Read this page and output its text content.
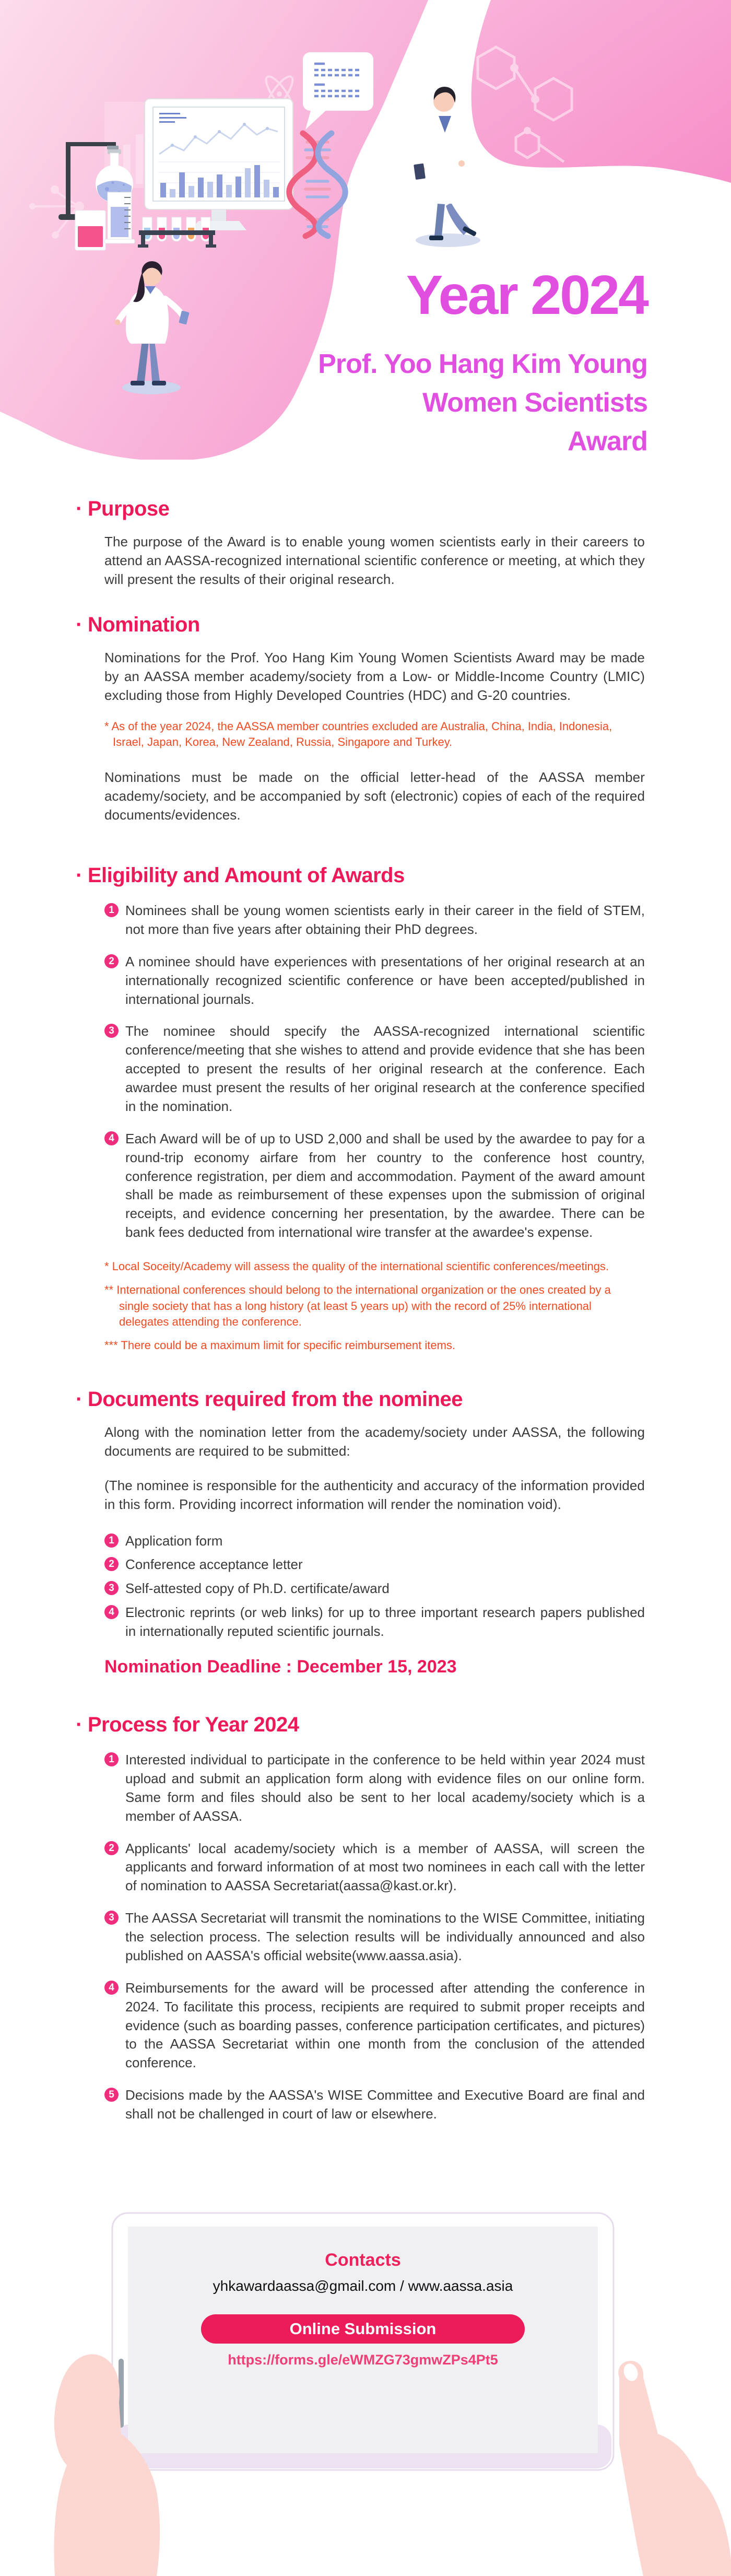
Year 2024
Prof. Yoo Hang Kim Young
Women Scientists
Award
· Purpose
The purpose of the Award is to enable young women scientists early in their careers to attend an AASSA-recognized international scientific conference or meeting, at which they will present the results of their original research.
· Nomination
Nominations for the Prof. Yoo Hang Kim Young Women Scientists Award may be made by an AASSA member academy/society from a Low- or Middle-Income Country (LMIC) excluding those from Highly Developed Countries (HDC) and G-20 countries.
* As of the year 2024, the AASSA member countries excluded are Australia, China, India, Indonesia, Israel, Japan, Korea, New Zealand, Russia, Singapore and Turkey.
Nominations must be made on the official letter-head of the AASSA member academy/society, and be accompanied by soft (electronic) copies of each of the required documents/evidences.
· Eligibility and Amount of Awards
1 Nominees shall be young women scientists early in their career in the field of STEM, not more than five years after obtaining their PhD degrees.
2 A nominee should have experiences with presentations of her original research at an internationally recognized scientific conference or have been accepted/published in international journals.
3 The nominee should specify the AASSA-recognized international scientific conference/meeting that she wishes to attend and provide evidence that she has been accepted to present the results of her original research at the conference. Each awardee must present the results of her original research at the conference specified in the nomination.
4 Each Award will be of up to USD 2,000 and shall be used by the awardee to pay for a round-trip economy airfare from her country to the conference host country, conference registration, per diem and accommodation. Payment of the award amount shall be made as reimbursement of these expenses upon the submission of original receipts, and evidence concerning her presentation, by the awardee. There can be bank fees deducted from international wire transfer at the awardee's expense.
* Local Soceity/Academy will assess the quality of the international scientific conferences/meetings.
** International conferences should belong to the international organization or the ones created by a single society that has a long history (at least 5 years up) with the record of 25% international delegates attending the conference.
*** There could be a maximum limit for specific reimbursement items.
· Documents required from the nominee
Along with the nomination letter from the academy/society under AASSA, the following documents are required to be submitted:
(The nominee is responsible for the authenticity and accuracy of the information provided in this form. Providing incorrect information will render the nomination void).
1 Application form
2 Conference acceptance letter
3 Self-attested copy of Ph.D. certificate/award
4 Electronic reprints (or web links) for up to three important research papers published in internationally reputed scientific journals.
Nomination Deadline : December 15, 2023
· Process for Year 2024
1 Interested individual to participate in the conference to be held within year 2024 must upload and submit an application form along with evidence files on our online form. Same form and files should also be sent to her local academy/society which is a member of AASSA.
2 Applicants' local academy/society which is a member of AASSA, will screen the applicants and forward information of at most two nominees in each call with the letter of nomination to AASSA Secretariat(aassa@kast.or.kr).
3 The AASSA Secretariat will transmit the nominations to the WISE Committee, initiating the selection process. The selection results will be individually announced and also published on AASSA's official website(www.aassa.asia).
4 Reimbursements for the award will be processed after attending the conference in 2024. To facilitate this process, recipients are required to submit proper receipts and evidence (such as boarding passes, conference participation certificates, and pictures) to the AASSA Secretariat within one month from the conclusion of the attended conference.
5 Decisions made by the AASSA's WISE Committee and Executive Board are final and shall not be challenged in court of law or elsewhere.
Contacts
yhkawardaassa@gmail.com / www.aassa.asia
Online Submission
https://forms.gle/eWMZG73gmwZPs4Pt5
